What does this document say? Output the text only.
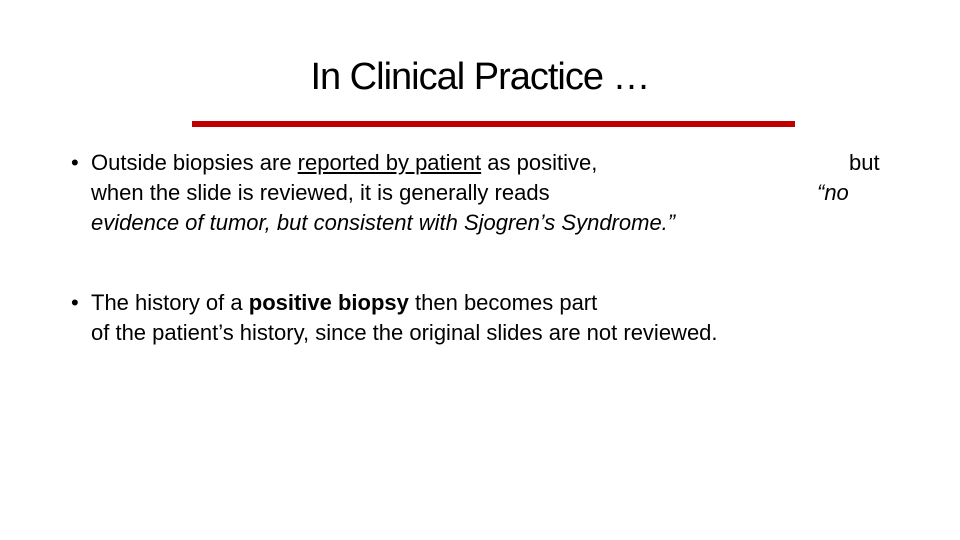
In Clinical Practice …
• Outside biopsies are reported by patient as positive,	but
when the slide is reviewed, it is generally reads	“no
evidence of tumor, but consistent with Sjogren’s Syndrome.”
• The history of a positive biopsy then becomes part
of the patient’s history, since the original slides are not reviewed.
